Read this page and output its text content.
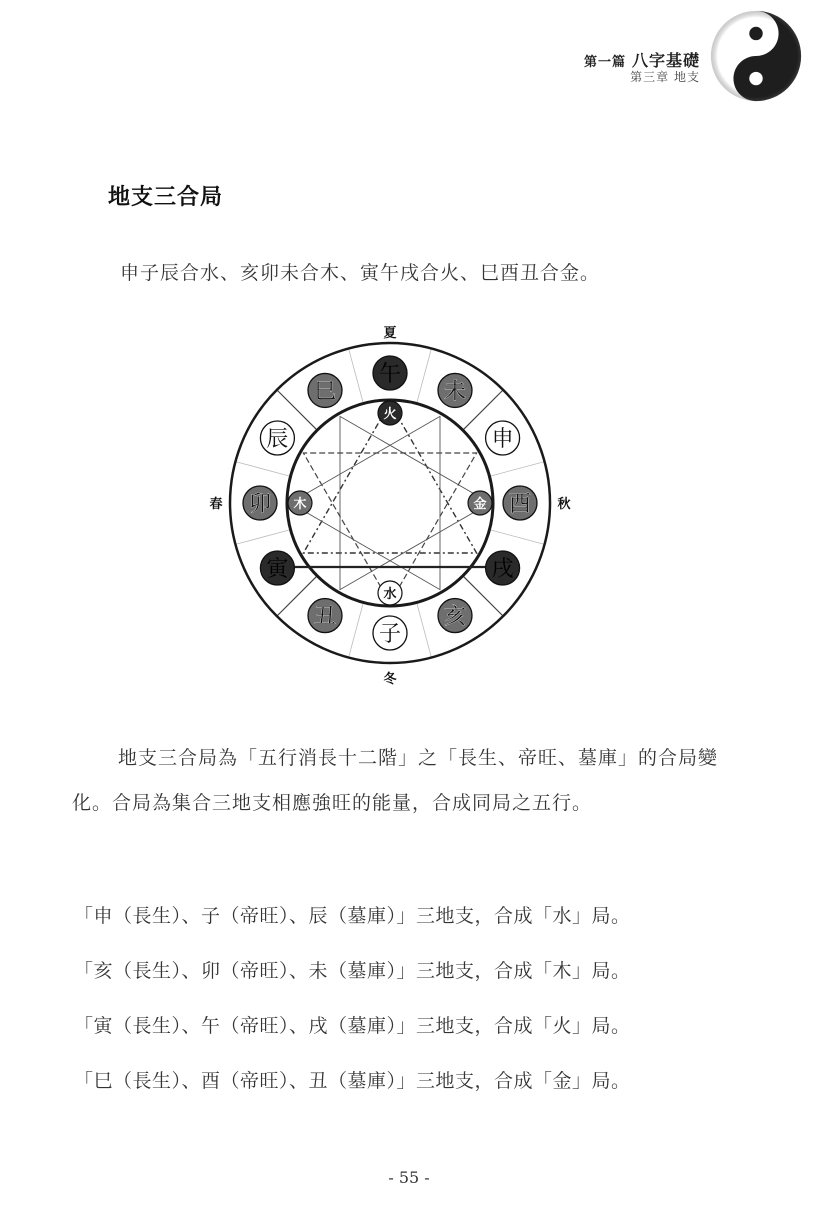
第一篇 八字基礎
第三章 地支
地支三合局

申子辰合水、亥卯未合木、寅午戌合火、巳酉丑合金。

午
未
申
酉
戌
亥
子
丑
寅
卯
辰
巳
火
金
水
木
夏
秋
冬
春

地支三合局為「五行消長十二階」之「長生、帝旺、墓庫」的合局變化。合局為集合三地支相應強旺的能量，合成同局之五行。

「申（長生）、子（帝旺）、辰（墓庫）」三地支，合成「水」局。
「亥（長生）、卯（帝旺）、未（墓庫）」三地支，合成「木」局。
「寅（長生）、午（帝旺）、戌（墓庫）」三地支，合成「火」局。
「巳（長生）、酉（帝旺）、丑（墓庫）」三地支，合成「金」局。
- 55 -
